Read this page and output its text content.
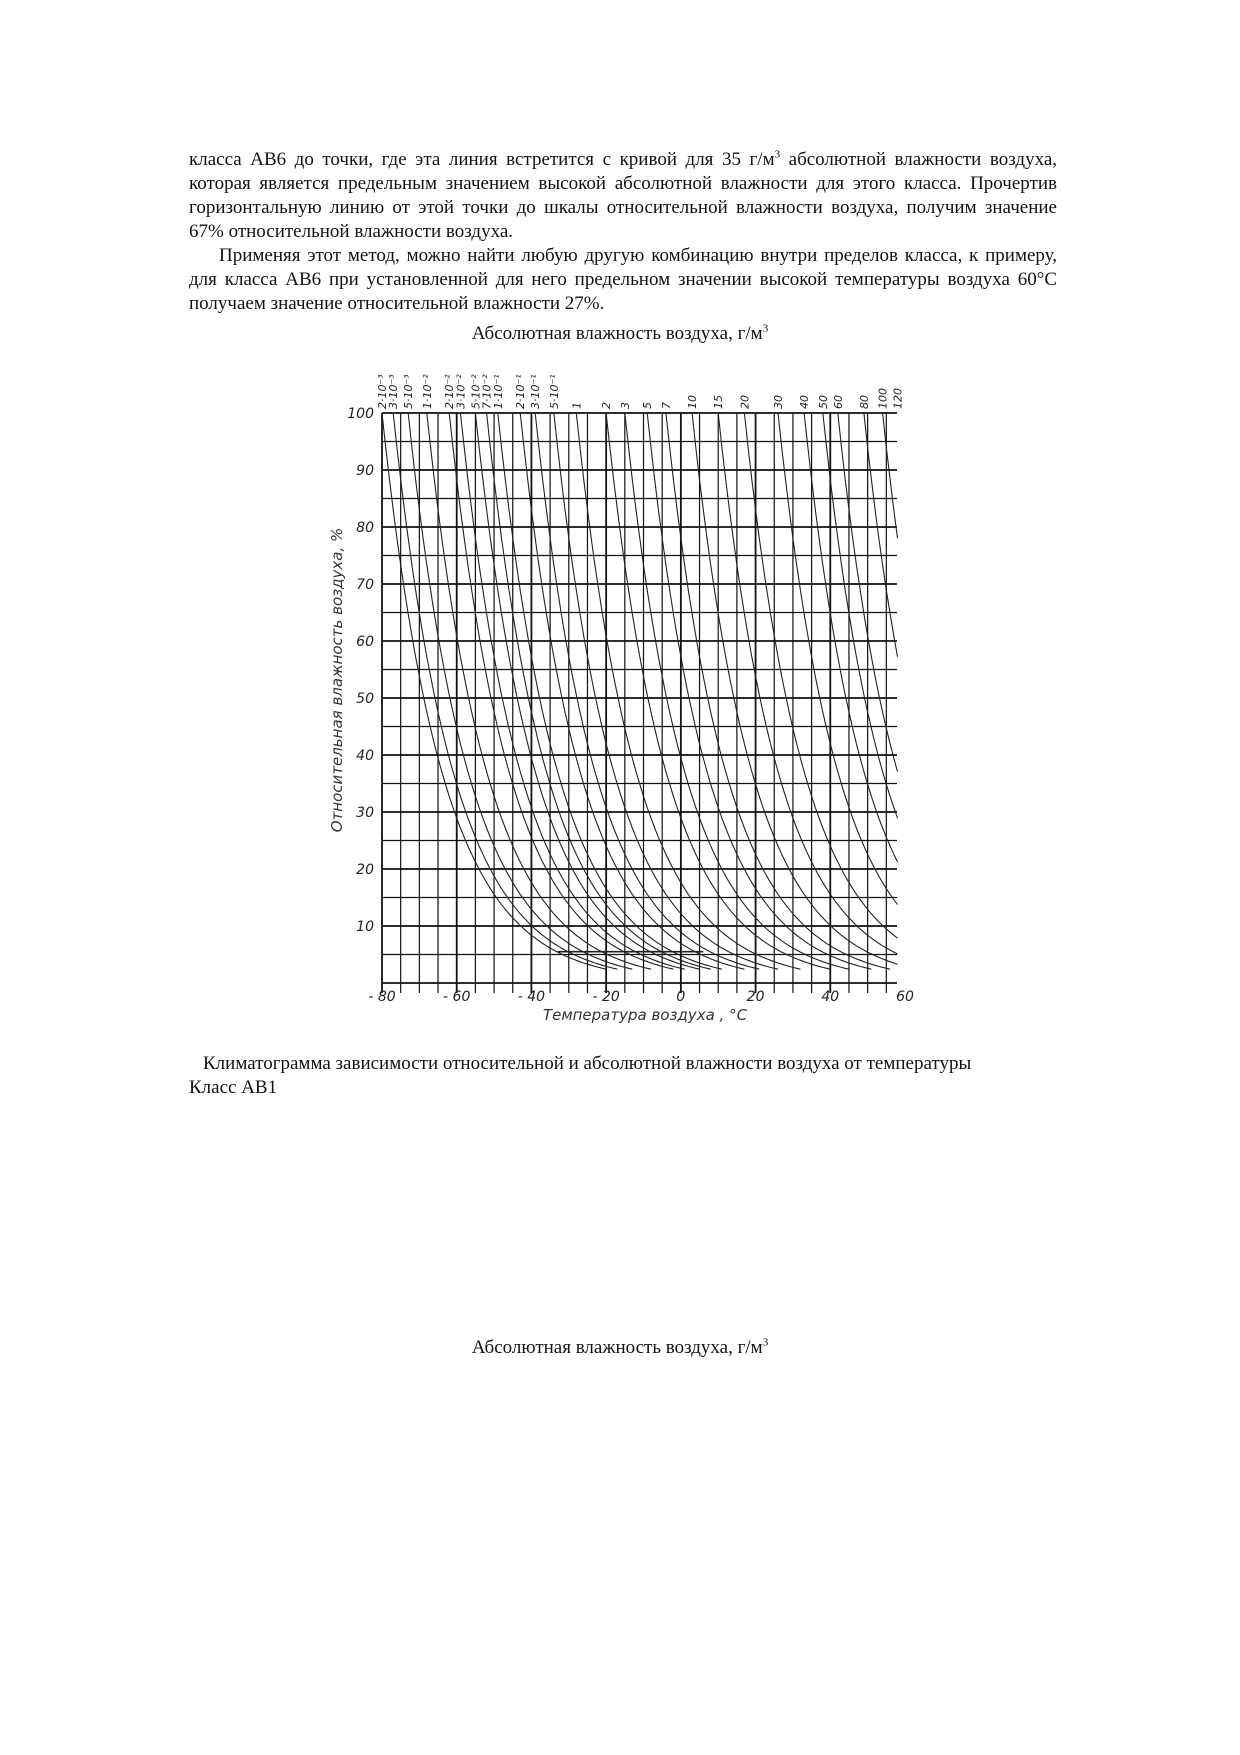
класса АВ6 до точки, где эта линия встретится с кривой для 35 $г/м^3$ абсолютной влажности воздуха, которая является предельным значением высокой абсолютной влажности для этого класса. Прочертив горизонтальную линию от этой точки до шкалы относительной влажности воздуха, получим значение 67% относительной влажности воздуха.

Применяя этот метод, можно найти любую другую комбинацию внутри пределов класса, к примеру, для класса АВ6 при установленной для него предельном значении высокой температуры воздуха 60°С получаем значение относительной влажности 27%.

Абсолютная влажность воздуха, $г/м^3$
2·10⁻³
3·10⁻³ 5·10⁻³ 1·10⁻² 2·10⁻²
3·10⁻² 5·10⁻²
7·10⁻²
1·10⁻¹ 2·10⁻¹ 3·10⁻¹ 5·10⁻¹ 1 2 3 5 7 10 15 20 30 40 50 60 80 100 120
10
20
30
40
50
60
70
80
90
100
- 80	- 60	- 40	- 20	0	20	40	60
Относительная влажность воздуха, %
Температура воздуха , °С
Климатограмма зависимости относительной и абсолютной влажности воздуха от температуры
Класс АВ1
Абсолютная влажность воздуха, $г/м^3$
